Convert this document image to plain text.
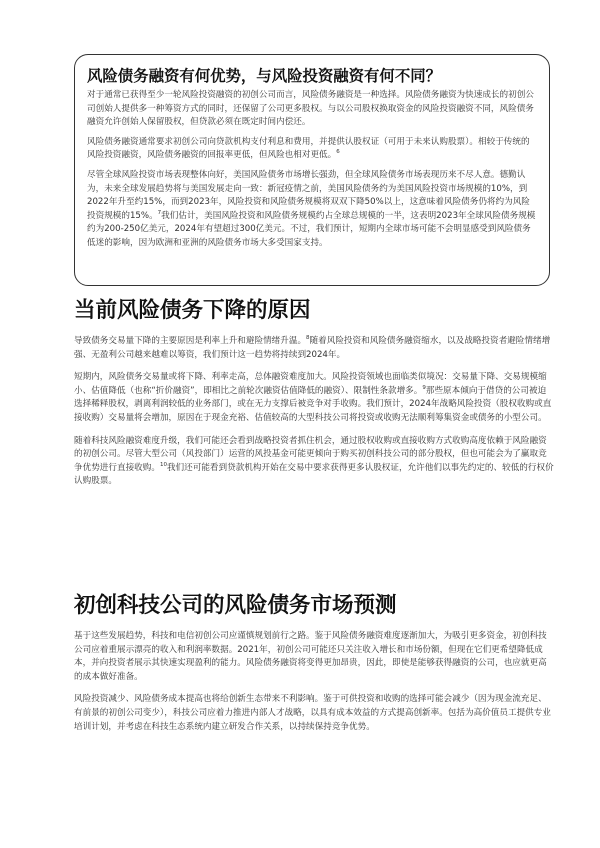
风险债务融资有何优势，与风险投资融资有何不同？

对于通常已获得至少一轮风险投资融资的初创公司而言，风险债务融资是一种选择。风险债务融资为快速成长的初创公司创始人提供多一种筹资方式的同时，还保留了公司更多股权。与以公司股权换取资金的风险投资融资不同，风险债务融资允许创始人保留股权，但贷款必须在既定时间内偿还。

风险债务融资通常要求初创公司向贷款机构支付利息和费用，并提供认股权证（可用于未来认购股票）。相较于传统的风险投资融资，风险债务融资的回报率更低，但风险也相对更低。$^6$

尽管全球风险投资市场表现整体向好，美国风险债务市场增长强劲，但全球风险债务市场表现历来不尽人意。德勤认为，未来全球发展趋势将与美国发展走向一致：新冠疫情之前，美国风险债务约为美国风险投资市场规模的10%，到2022年升至约15%，而到2023年，风险投资和风险债务规模将双双下降50%以上，这意味着风险债务仍将约为风险投资规模的15%。$^7$我们估计，美国风险投资和风险债务规模约占全球总规模的一半，这表明2023年全球风险债务规模约为200-250亿美元，2024年有望超过300亿美元。不过，我们预计，短期内全球市场可能不会明显感受到风险债务低迷的影响，因为欧洲和亚洲的风险债务市场大多受国家支持。

当前风险债务下降的原因

导致债务交易量下降的主要原因是利率上升和避险情绪升温。$^8$随着风险投资和风险债务融资缩水，以及战略投资者避险情绪增强、无盈利公司越来越难以筹资，我们预计这一趋势将持续到2024年。

短期内，风险债务交易量或将下降、利率走高，总体融资难度加大。风险投资领域也面临类似境况：交易量下降、交易规模缩小、估值降低（也称“折价融资”，即相比之前轮次融资估值降低的融资）、限制性条款增多。$^9$那些原本倾向于借贷的公司被迫选择稀释股权，剥离利润较低的业务部门，或在无力支撑后被竞争对手收购。我们预计，2024年战略风险投资（股权收购或直接收购）交易量将会增加，原因在于现金充裕、估值较高的大型科技公司将投资或收购无法顺利筹集资金或债务的小型公司。

随着科技风险融资难度升级，我们可能还会看到战略投资者抓住机会，通过股权收购或直接收购方式收购高度依赖于风险融资的初创公司。尽管大型公司（风投部门）运营的风投基金可能更倾向于购买初创科技公司的部分股权，但也可能会为了赢取竞争优势进行直接收购。$^{10}$我们还可能看到贷款机构开始在交易中要求获得更多认股权证，允许他们以事先约定的、较低的行权价认购股票。

初创科技公司的风险债务市场预测

基于这些发展趋势，科技和电信初创公司应谨慎规划前行之路。鉴于风险债务融资难度逐渐加大，为吸引更多资金，初创科技公司应着重展示漂亮的收入和利润率数据。2021年，初创公司可能还只关注收入增长和市场份额，但现在它们更希望降低成本，并向投资者展示其快速实现盈利的能力。风险债务融资将变得更加昂贵，因此，即使是能够获得融资的公司，也应就更高的成本做好准备。

风险投资减少、风险债务成本提高也将给创新生态带来不利影响。鉴于可供投资和收购的选择可能会减少（因为现金流充足、有前景的初创公司变少），科技公司应着力推进内部人才战略，以具有成本效益的方式提高创新率。包括为高价值员工提供专业培训计划，并考虑在科技生态系统内建立研发合作关系，以持续保持竞争优势。
